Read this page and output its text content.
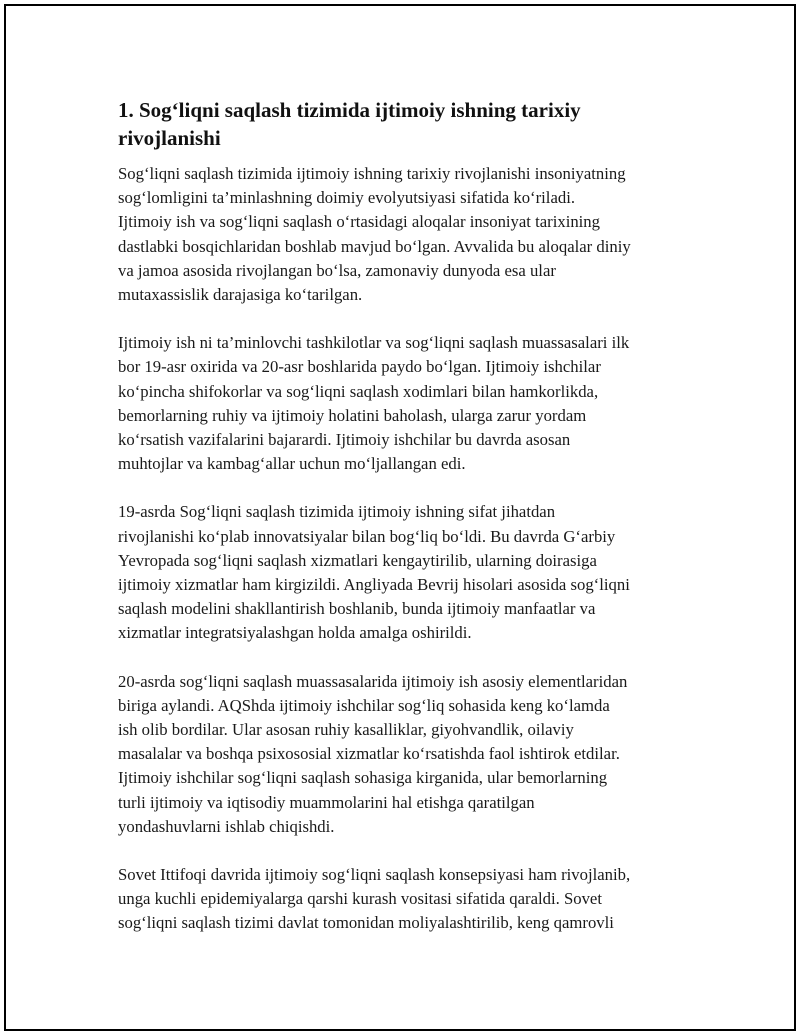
1. Sog‘liqni saqlash tizimida ijtimoiy ishning tarixiy
rivojlanishi
Sog‘liqni saqlash tizimida ijtimoiy ishning tarixiy rivojlanishi insoniyatning
sog‘lomligini ta’minlashning doimiy evolyutsiyasi sifatida ko‘riladi.
Ijtimoiy ish va sog‘liqni saqlash o‘rtasidagi aloqalar insoniyat tarixining
dastlabki bosqichlaridan boshlab mavjud bo‘lgan. Avvalida bu aloqalar diniy
va jamoa asosida rivojlangan bo‘lsa, zamonaviy dunyoda esa ular
mutaxassislik darajasiga ko‘tarilgan.
Ijtimoiy ish ni ta’minlovchi tashkilotlar va sog‘liqni saqlash muassasalari ilk
bor 19-asr oxirida va 20-asr boshlarida paydo bo‘lgan. Ijtimoiy ishchilar
ko‘pincha shifokorlar va sog‘liqni saqlash xodimlari bilan hamkorlikda,
bemorlarning ruhiy va ijtimoiy holatini baholash, ularga zarur yordam
ko‘rsatish vazifalarini bajarardi. Ijtimoiy ishchilar bu davrda asosan
muhtojlar va kambag‘allar uchun mo‘ljallangan edi.
19-asrda Sog‘liqni saqlash tizimida ijtimoiy ishning sifat jihatdan
rivojlanishi ko‘plab innovatsiyalar bilan bog‘liq bo‘ldi. Bu davrda G‘arbiy
Yevropada sog‘liqni saqlash xizmatlari kengaytirilib, ularning doirasiga
ijtimoiy xizmatlar ham kirgizildi. Angliyada Bevrij hisolari asosida sog‘liqni
saqlash modelini shakllantirish boshlanib, bunda ijtimoiy manfaatlar va
xizmatlar integratsiyalashgan holda amalga oshirildi.
20-asrda sog‘liqni saqlash muassasalarida ijtimoiy ish asosiy elementlaridan
biriga aylandi. AQShda ijtimoiy ishchilar sog‘liq sohasida keng ko‘lamda
ish olib bordilar. Ular asosan ruhiy kasalliklar, giyohvandlik, oilaviy
masalalar va boshqa psixososial xizmatlar ko‘rsatishda faol ishtirok etdilar.
Ijtimoiy ishchilar sog‘liqni saqlash sohasiga kirganida, ular bemorlarning
turli ijtimoiy va iqtisodiy muammolarini hal etishga qaratilgan
yondashuvlarni ishlab chiqishdi.
Sovet Ittifoqi davrida ijtimoiy sog‘liqni saqlash konsepsiyasi ham rivojlanib,
unga kuchli epidemiyalarga qarshi kurash vositasi sifatida qaraldi. Sovet
sog‘liqni saqlash tizimi davlat tomonidan moliyalashtirilib, keng qamrovli
